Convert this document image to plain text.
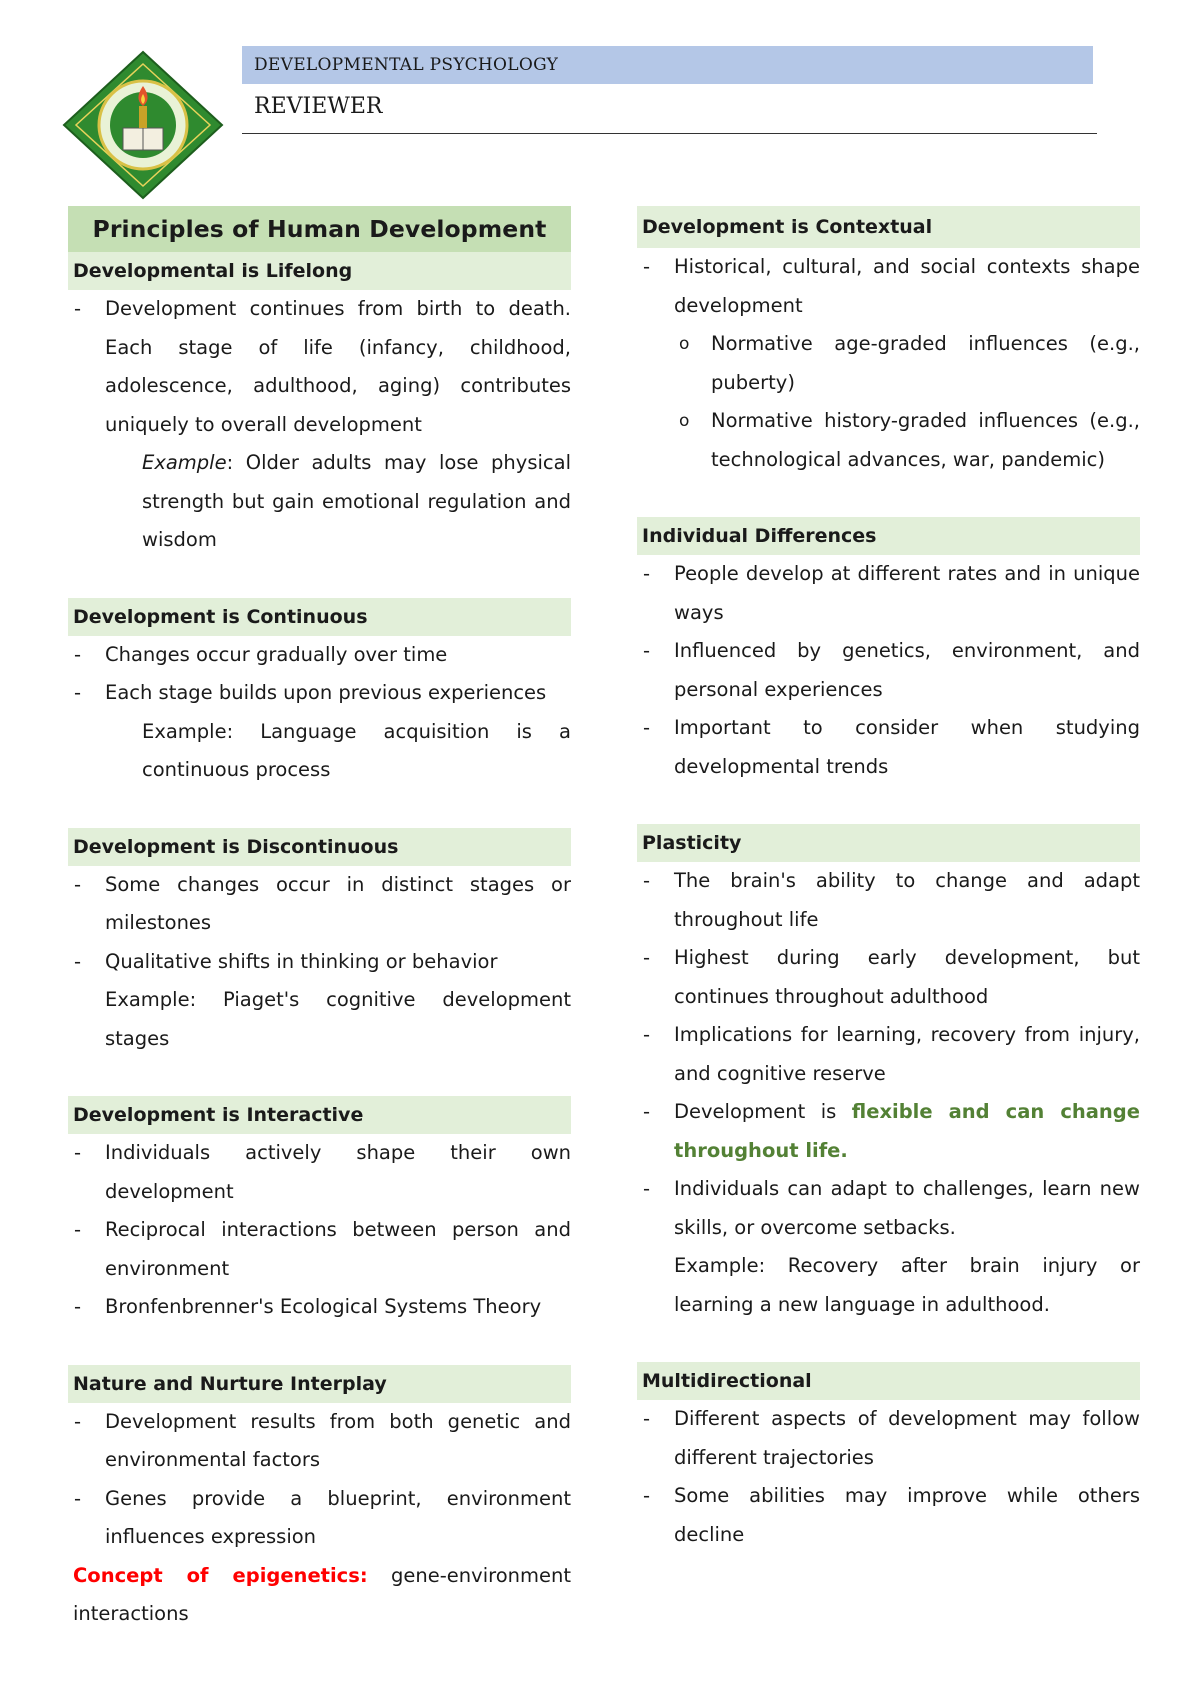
DEVELOPMENTAL PSYCHOLOGY
REVIEWER
Principles of Human Development
Developmental is Lifelong
- Development continues from birth to death. Each stage of life (infancy, childhood, adolescence, adulthood, aging) contributes uniquely to overall development
Example: Older adults may lose physical strength but gain emotional regulation and wisdom
Development is Continuous
- Changes occur gradually over time
- Each stage builds upon previous experiences
Example: Language acquisition is a continuous process
Development is Discontinuous
- Some changes occur in distinct stages or milestones
- Qualitative shifts in thinking or behavior
Example: Piaget's cognitive development stages
Development is Interactive
- Individuals actively shape their own development
- Reciprocal interactions between person and environment
- Bronfenbrenner's Ecological Systems Theory
Nature and Nurture Interplay
- Development results from both genetic and environmental factors
- Genes provide a blueprint, environment influences expression
Concept of epigenetics: gene-environment interactions
Development is Contextual
- Historical, cultural, and social contexts shape development
o Normative age-graded influences (e.g., puberty)
o Normative history-graded influences (e.g., technological advances, war, pandemic)
Individual Differences
- People develop at different rates and in unique ways
- Influenced by genetics, environment, and personal experiences
- Important to consider when studying developmental trends
Plasticity
- The brain's ability to change and adapt throughout life
- Highest during early development, but continues throughout adulthood
- Implications for learning, recovery from injury, and cognitive reserve
- Development is flexible and can change throughout life.
- Individuals can adapt to challenges, learn new skills, or overcome setbacks.
Example: Recovery after brain injury or learning a new language in adulthood.
Multidirectional
- Different aspects of development may follow different trajectories
- Some abilities may improve while others decline
